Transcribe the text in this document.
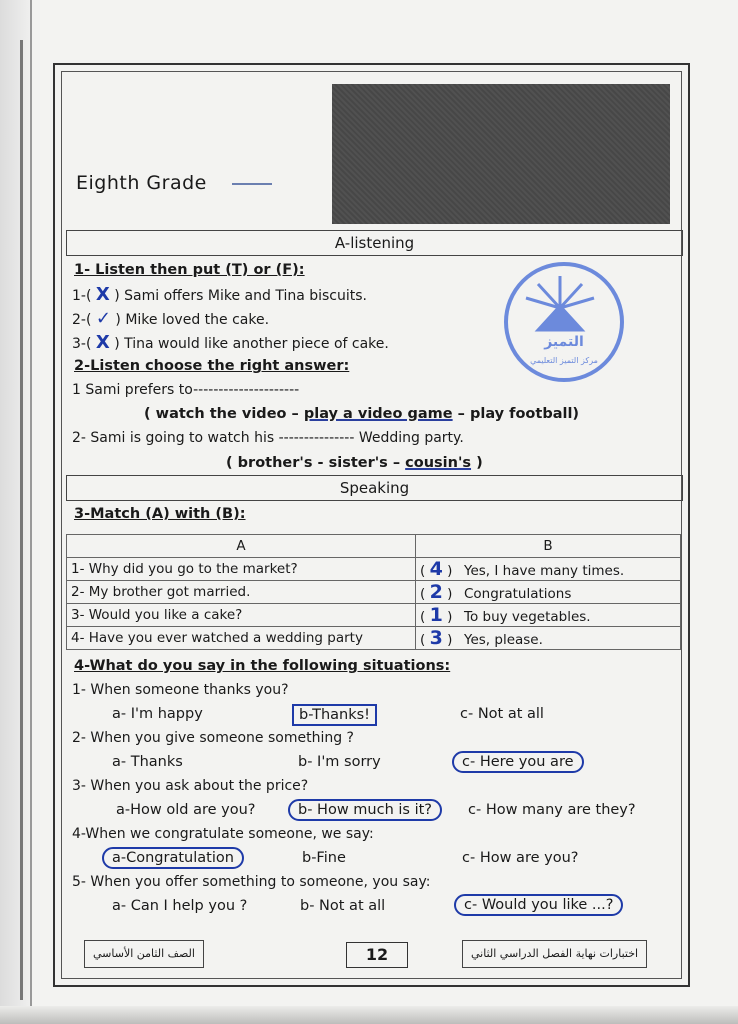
Eighth Grade
التميز
مركز التميز التعليمي
A-listening
1- Listen then put (T) or (F):
1-( X ) Sami offers Mike and Tina biscuits.
2-( ✓ ) Mike loved the cake.
3-( X ) Tina would like another piece of cake.
2-Listen choose the right answer:
1 Sami prefers to---------------------
( watch the video – play a video game – play football)
2- Sami is going to watch his --------------- Wedding party.
( brother's - sister's – cousin's )
Speaking
3-Match (A) with (B):
A	B
1- Why did you go to the market?	( 4 ) Yes, I have many times.
2- My brother got married.	( 2 ) Congratulations
3- Would you like a cake?	( 1 ) To buy vegetables.
4- Have you ever watched a wedding party	( 3 ) Yes, please.
4-What do you say in the following situations:
1- When someone thanks you?
a- I'm happy	b-Thanks!	c- Not at all
2- When you give someone something ?
a- Thanks	b- I'm sorry	c- Here you are
3- When you ask about the price?
a-How old are you?	b- How much is it?	c- How many are they?
4-When we congratulate someone, we say:
a-Congratulation	b-Fine	c- How are you?
5- When you offer something to someone, you say:
a- Can I help you ?	b- Not at all	c- Would you like ...?
الصف الثامن الأساسي	12	اختبارات نهاية الفصل الدراسي الثاني
